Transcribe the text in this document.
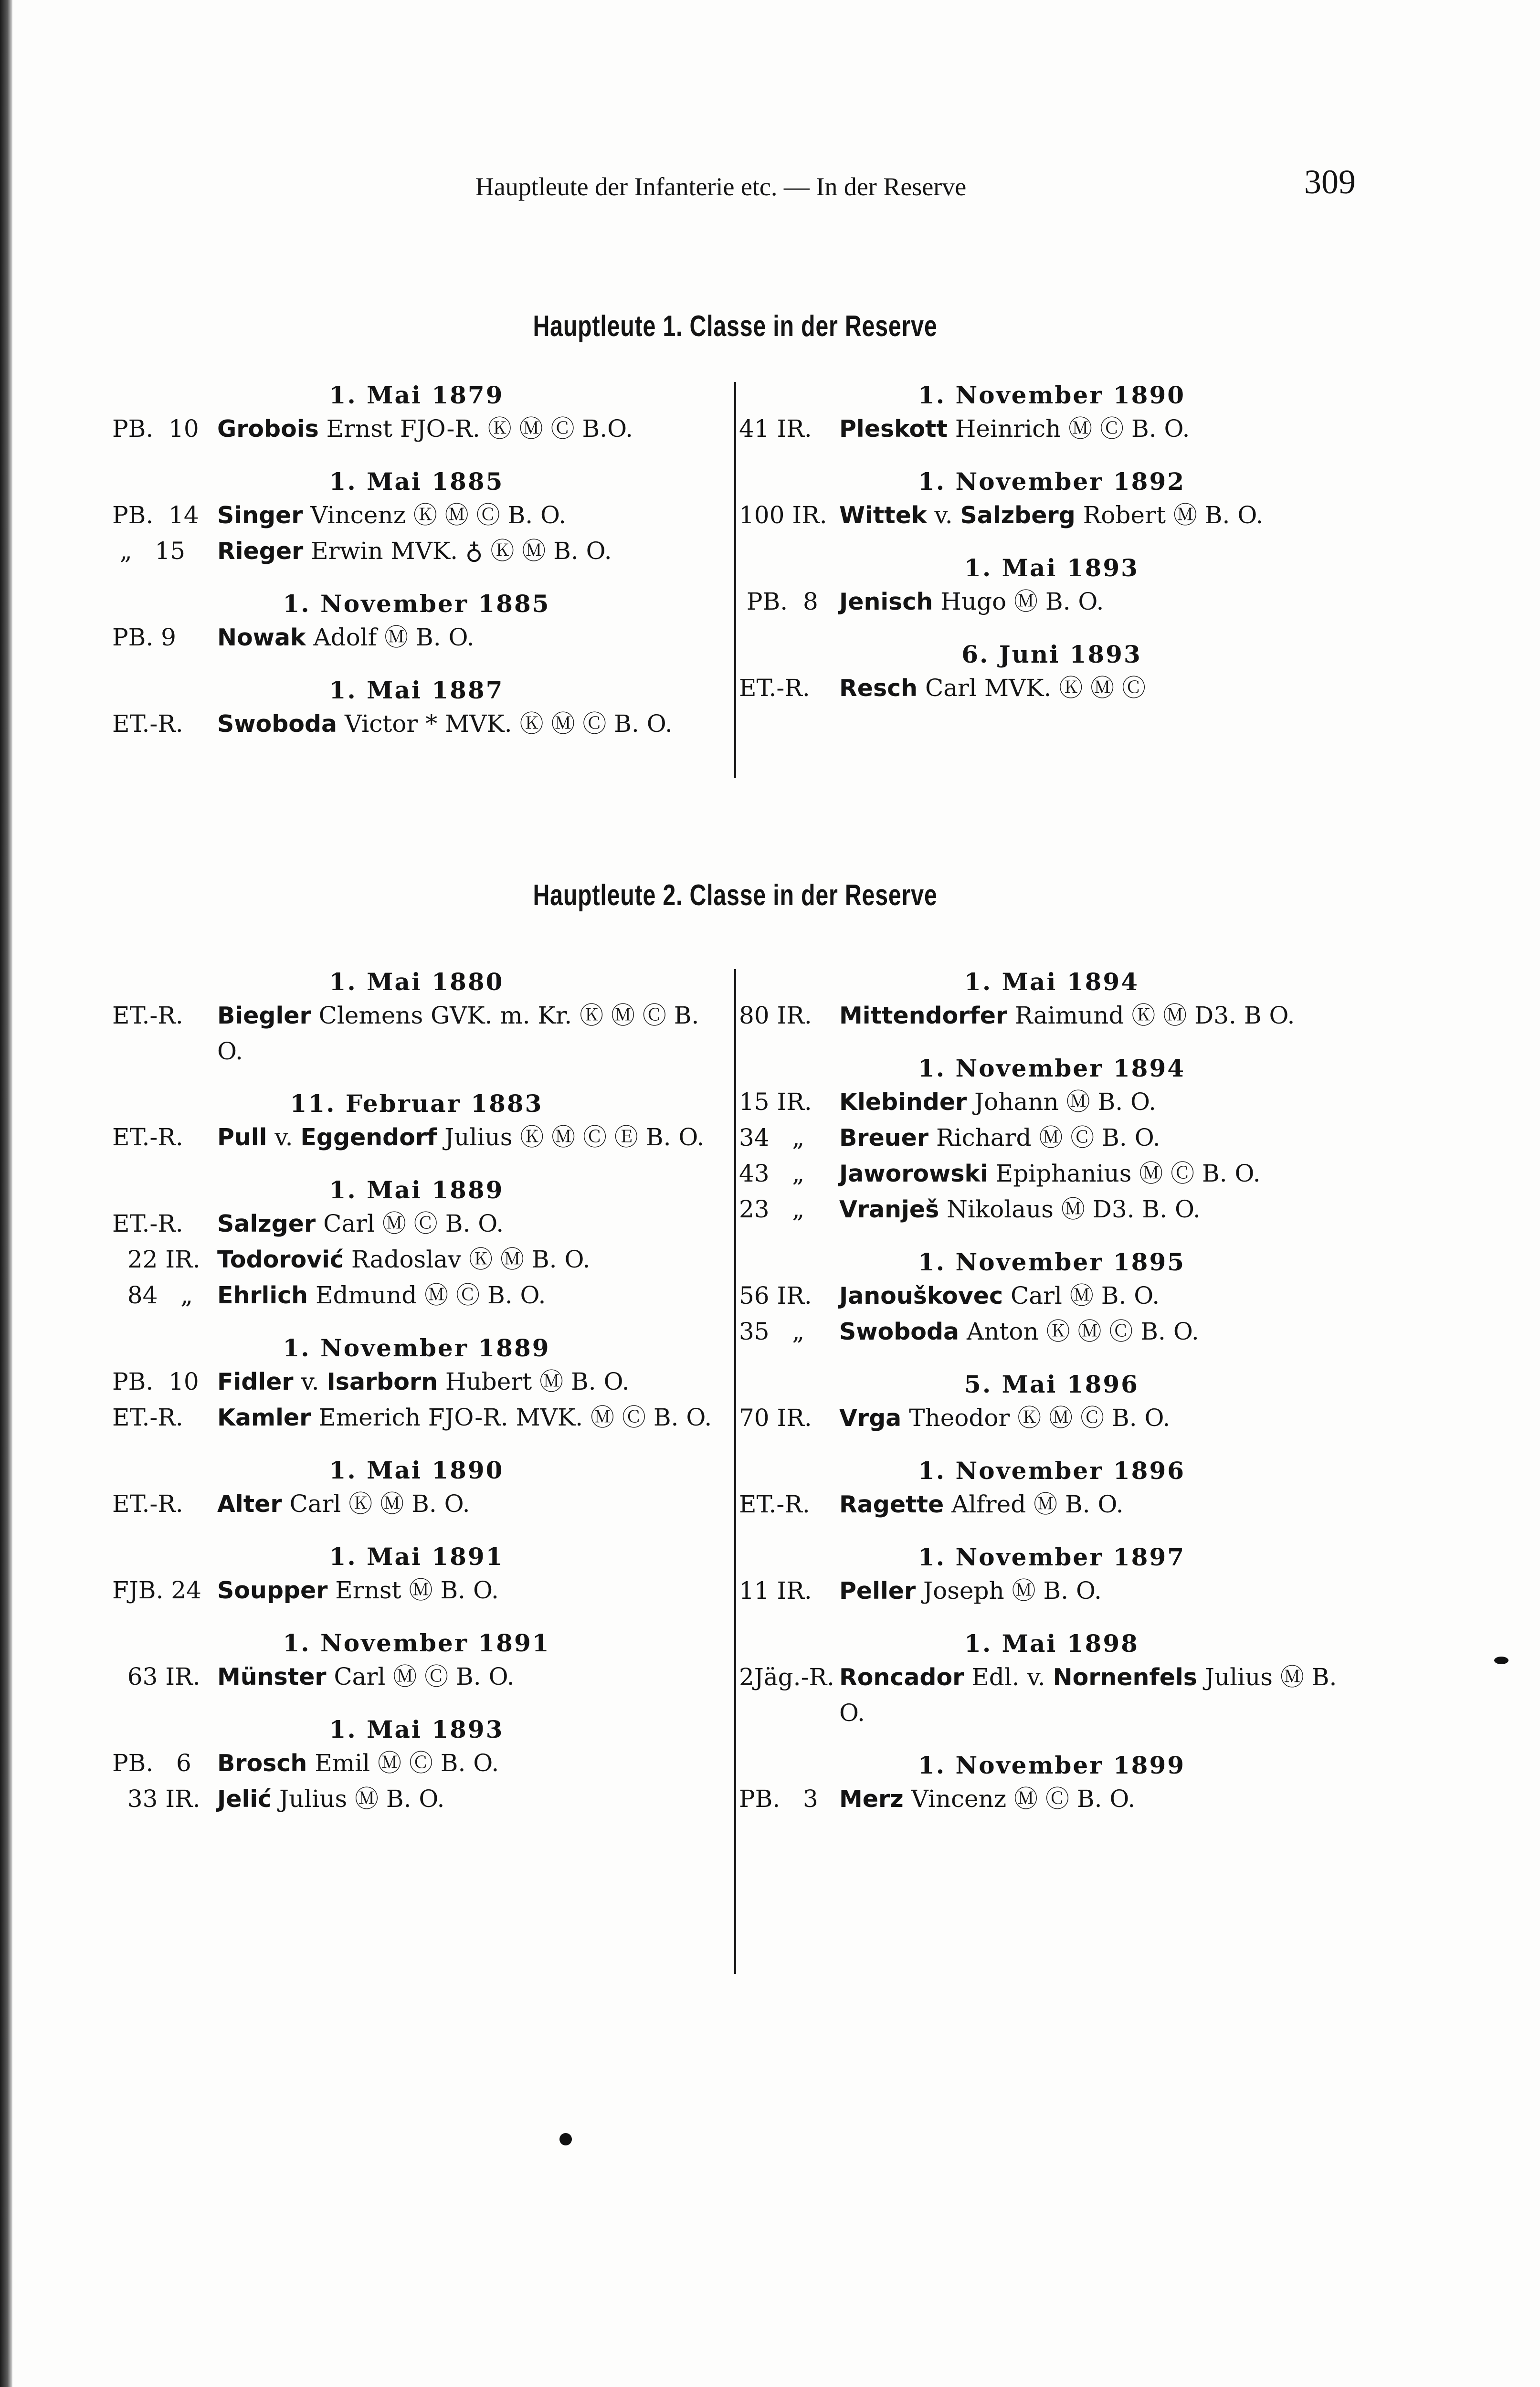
Hauptleute der Infanterie etc. — In der Reserve	309
Hauptleute 1. Classe in der Reserve
1. Mai 1879
PB.  10 Grobois Ernst FJO-R. Ⓚ Ⓜ Ⓒ B.O.
1. Mai 1885
PB.  14 Singer Vincenz Ⓚ Ⓜ Ⓒ B. O.
„   15	Rieger Erwin MVK. ♁ Ⓚ Ⓜ B. O.
1. November 1885
PB. 9	Nowak Adolf Ⓜ B. O.
1. Mai 1887
ET.-R.	Swoboda Victor * MVK. Ⓚ Ⓜ Ⓒ B. O.
1. November 1890
41 IR.	Pleskott Heinrich Ⓜ Ⓒ B. O.
1. November 1892
100 IR. Wittek v. Salzberg Robert Ⓜ B. O.
1. Mai 1893
PB.  8 Jenisch Hugo Ⓜ B. O.
6. Juni 1893
ET.-R.	Resch Carl MVK. Ⓚ Ⓜ Ⓒ
Hauptleute 2. Classe in der Reserve
1. Mai 1880
ET.-R.	Biegler Clemens GVK. m. Kr. Ⓚ Ⓜ Ⓒ B. O.
11. Februar 1883
ET.-R.	Pull v. Eggendorf Julius Ⓚ Ⓜ Ⓒ Ⓔ B. O.
1. Mai 1889
ET.-R.	Salzger Carl Ⓜ Ⓒ B. O.
22 IR. Todorović Radoslav Ⓚ Ⓜ B. O.
84   „	Ehrlich Edmund Ⓜ Ⓒ B. O.
1. November 1889
PB.  10 Fidler v. Isarborn Hubert Ⓜ B. O.
ET.-R.	Kamler Emerich FJO-R. MVK. Ⓜ Ⓒ B. O.
1. Mai 1890
ET.-R.	Alter Carl Ⓚ Ⓜ B. O.
1. Mai 1891
FJB. 24 Soupper Ernst Ⓜ B. O.
1. November 1891
63 IR. Münster Carl Ⓜ Ⓒ B. O.
1. Mai 1893
PB.   6	Brosch Emil Ⓜ Ⓒ B. O.
33 IR. Jelić Julius Ⓜ B. O.
1. Mai 1894
80 IR.	Mittendorfer Raimund Ⓚ Ⓜ D3. B O.
1. November 1894
15 IR.	Klebinder Johann Ⓜ B. O.
34   „	Breuer Richard Ⓜ Ⓒ B. O.
43   „	Jaworowski Epiphanius Ⓜ Ⓒ B. O.
23   „	Vranješ Nikolaus Ⓜ D3. B. O.
1. November 1895
56 IR.	Janouškovec Carl Ⓜ B. O.
35   „	Swoboda Anton Ⓚ Ⓜ Ⓒ B. O.
5. Mai 1896
70 IR.	Vrga Theodor Ⓚ Ⓜ Ⓒ B. O.
1. November 1896
ET.-R.	Ragette Alfred Ⓜ B. O.
1. November 1897
11 IR.	Peller Joseph Ⓜ B. O.
1. Mai 1898
2Jäg.-R. Roncador Edl. v. Nornenfels Julius Ⓜ B. O.
1. November 1899
PB.   3 Merz Vincenz Ⓜ Ⓒ B. O.
